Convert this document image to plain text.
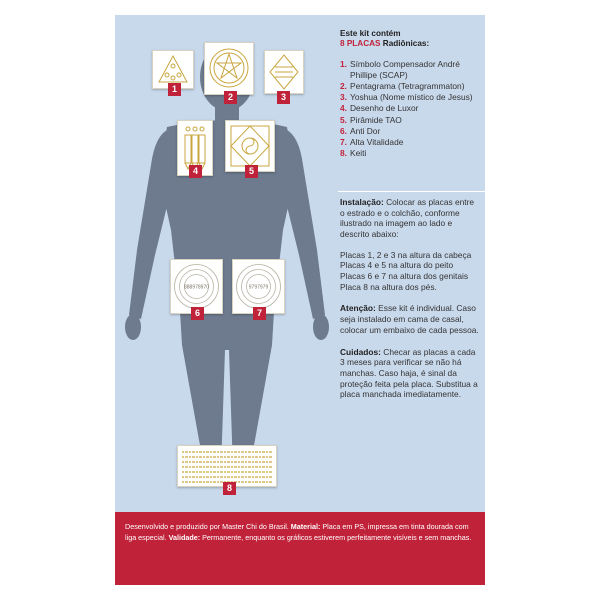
1
2	3
4	5
888978970
6
9797979
7
8
Este kit contém
8 PLACAS Radiônicas:
1. Símbolo Compensador André Phillipe (SCAP)
2. Pentagrama (Tetragrammaton)
3. Yoshua (Nome místico de Jesus)
4. Desenho de Luxor
5. Pirâmide TAO
6. Anti Dor
7. Alta Vitalidade
8. Keiti

Instalação: Colocar as placas entre o estrado e o colchão, conforme ilustrado na imagem ao lado e descrito abaixo:

Placas 1, 2 e 3 na altura da cabeça

Placas 4 e 5 na altura do peito

Placas 6 e 7 na altura dos genitais

Placa 8 na altura dos pés.

Atenção: Esse kit é individual. Caso seja instalado em cama de casal, colocar um embaixo de cada pessoa.

Cuidados: Checar as placas a cada 3 meses para verificar se não há manchas. Caso haja, é sinal da proteção feita pela placa. Substitua a placa manchada imediatamente.

Desenvolvido e produzido por Master Chi do Brasil. Material: Placa em PS, impressa em tinta dourada com liga especial. Validade: Permanente, enquanto os gráficos estiverem perfeitamente visíveis e sem manchas.
